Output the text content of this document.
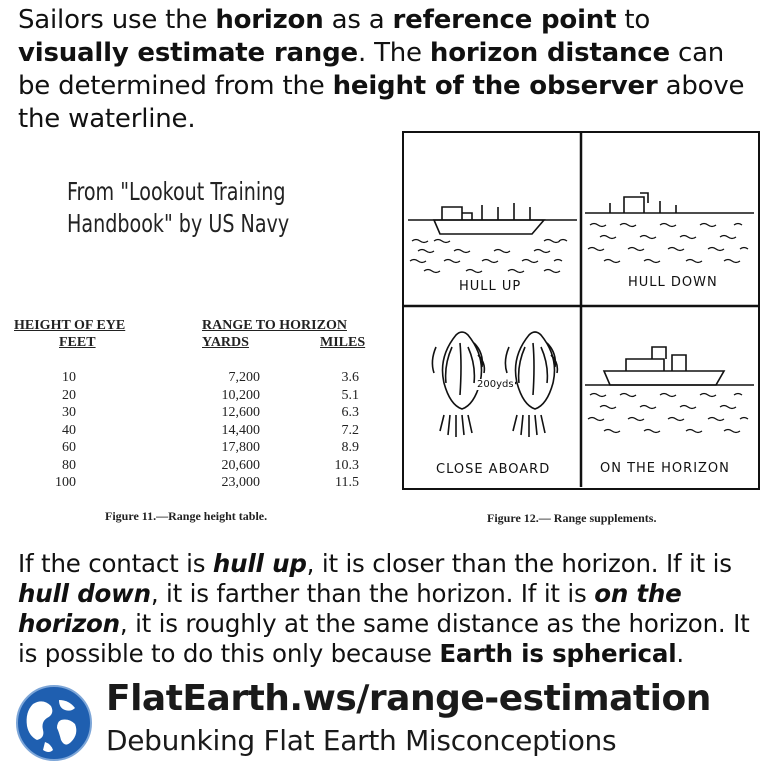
Sailors use the horizon as a reference point to visually estimate range. The horizon distance can be determined from the height of the observer above the waterline.
From "Lookout Training
Handbook" by US Navy
HEIGHT OF EYE
FEET
RANGE TO HORIZON
YARDS	MILES
10	7,200	3.6
20	10,200	5.1
30	12,600	6.3
40	14,400	7.2
60	17,800	8.9
80	20,600	10.3
100	23,000	11.5
Figure 11.—Range height table.
HULL UP	HULL DOWN
CLOSE ABOARD	ON THE HORIZON
200yds
Figure 12.— Range supplements.
If the contact is hull up, it is closer than the horizon. If it is hull down, it is farther than the horizon. If it is on the horizon, it is roughly at the same distance as the horizon. It is possible to do this only because Earth is spherical.
FlatEarth.ws/range-estimation
Debunking Flat Earth Misconceptions
